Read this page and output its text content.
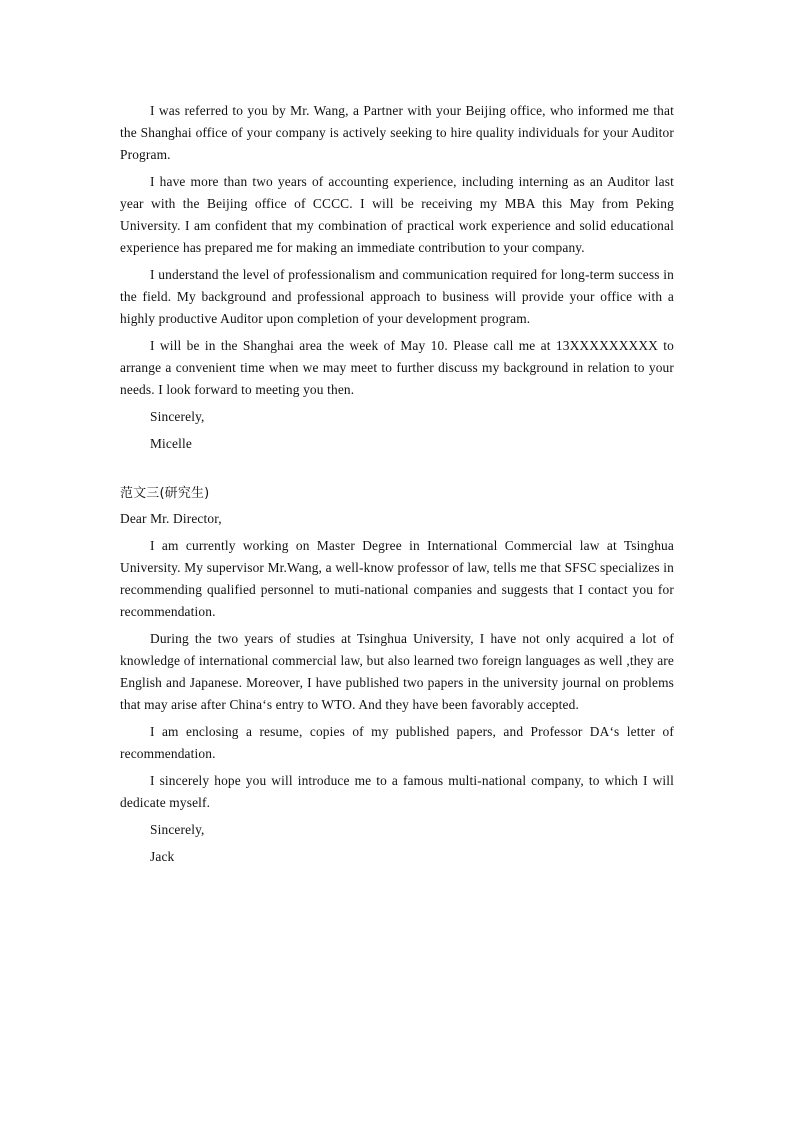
I was referred to you by Mr. Wang, a Partner with your Beijing office, who informed me that the Shanghai office of your company is actively seeking to hire quality individuals for your Auditor Program.

I have more than two years of accounting experience, including interning as an Auditor last year with the Beijing office of CCCC. I will be receiving my MBA this May from Peking University. I am confident that my combination of practical work experience and solid educational experience has prepared me for making an immediate contribution to your company.

I understand the level of professionalism and communication required for long-term success in the field. My background and professional approach to business will provide your office with a highly productive Auditor upon completion of your development program.

I will be in the Shanghai area the week of May 10. Please call me at 13XXXXXXXXX to arrange a convenient time when we may meet to further discuss my background in relation to your needs. I look forward to meeting you then.

Sincerely,

Micelle

范文三(研究生)

Dear Mr. Director,

I am currently working on Master Degree in International Commercial law at Tsinghua University. My supervisor Mr.Wang, a well-know professor of law, tells me that SFSC specializes in recommending qualified personnel to muti-national companies and suggests that I contact you for recommendation.

During the two years of studies at Tsinghua University, I have not only acquired a lot of knowledge of international commercial law, but also learned two foreign languages as well ,they are English and Japanese. Moreover, I have published two papers in the university journal on problems that may arise after China‘s entry to WTO. And they have been favorably accepted.

I am enclosing a resume, copies of my published papers, and Professor DA‘s letter of recommendation.

I sincerely hope you will introduce me to a famous multi-national company, to which I will dedicate myself.

Sincerely,

Jack
